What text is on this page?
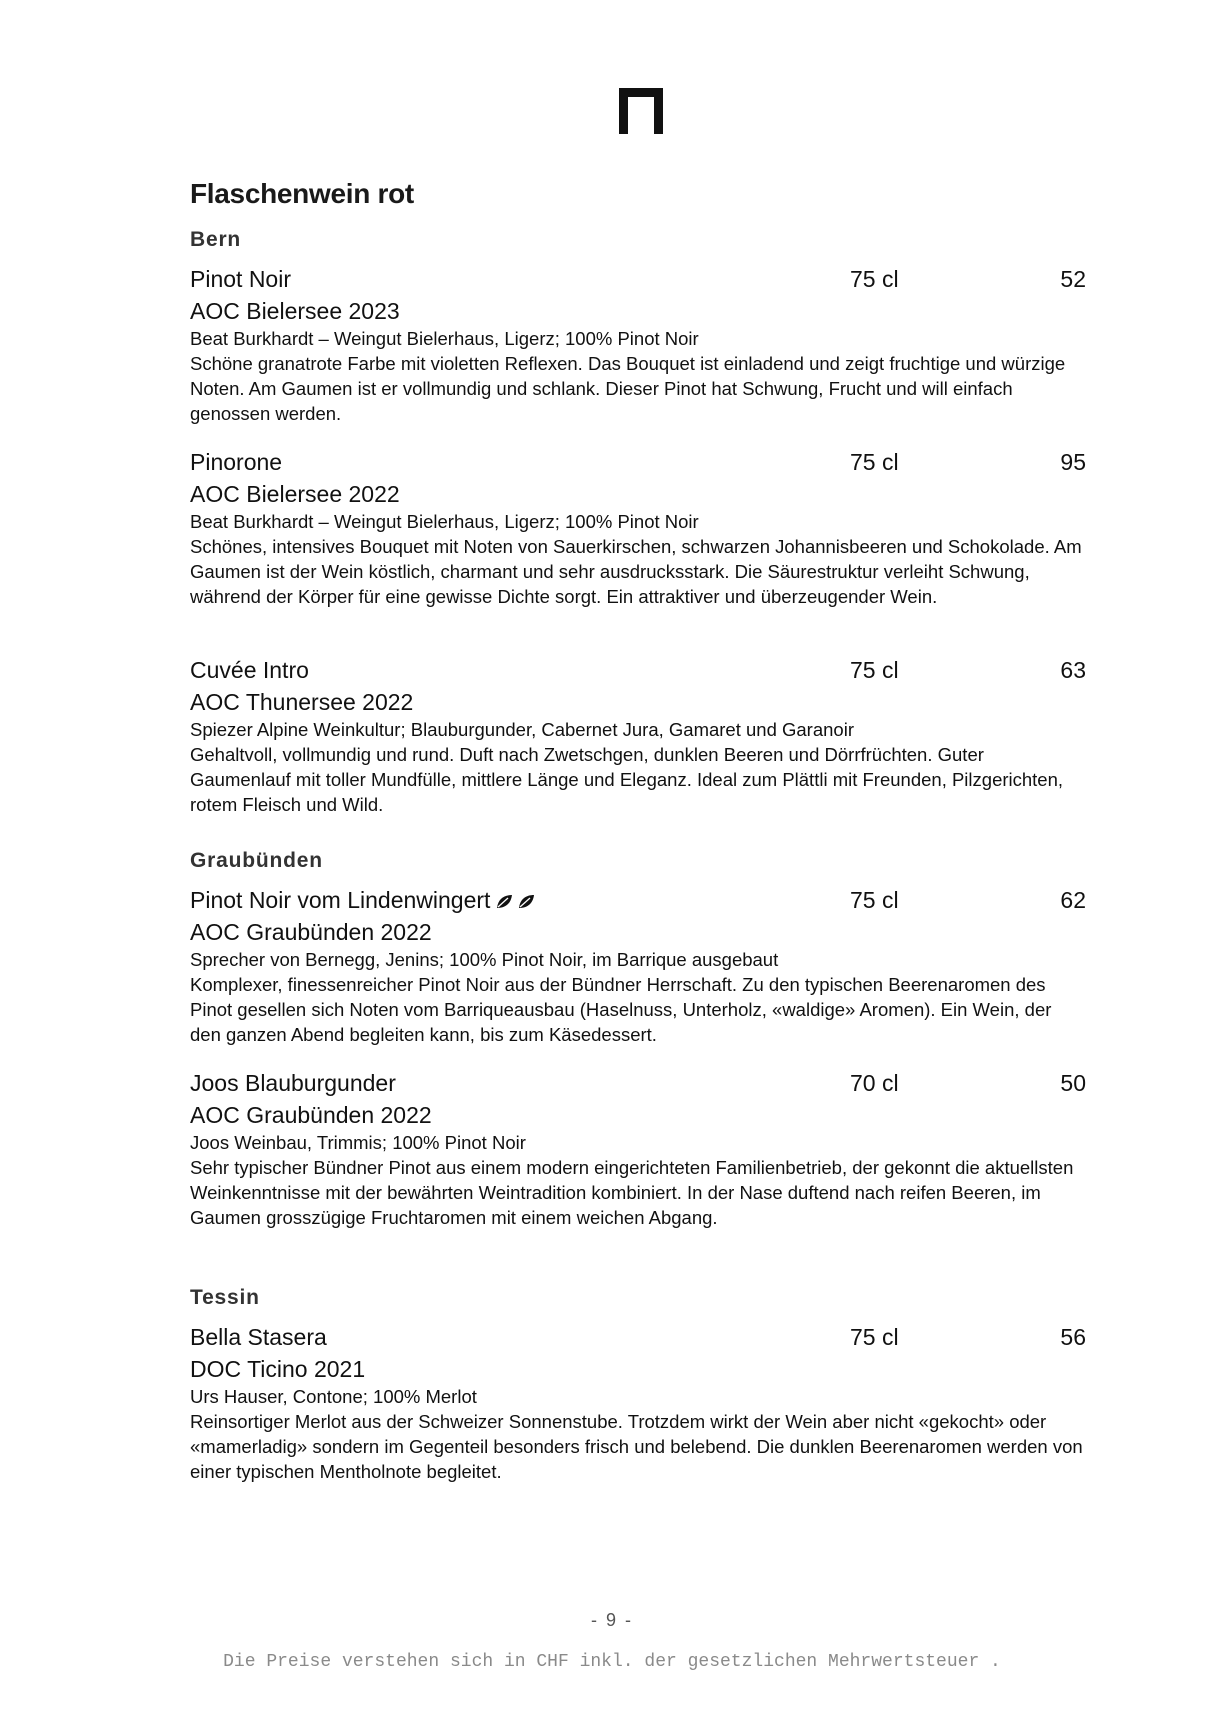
Flaschenwein rot
Bern
Pinot Noir	75 cl	52
AOC Bielersee 2023
Beat Burkhardt – Weingut Bielerhaus, Ligerz; 100% Pinot Noir
Schöne granatrote Farbe mit violetten Reflexen. Das Bouquet ist einladend und zeigt fruchtige und würzige Noten. Am Gaumen ist er vollmundig und schlank. Dieser Pinot hat Schwung, Frucht und will einfach genossen werden.
Pinorone	75 cl	95
AOC Bielersee 2022
Beat Burkhardt – Weingut Bielerhaus, Ligerz; 100% Pinot Noir
Schönes, intensives Bouquet mit Noten von Sauerkirschen, schwarzen Johannisbeeren und Schokolade. Am Gaumen ist der Wein köstlich, charmant und sehr ausdrucksstark. Die Säurestruktur verleiht Schwung, während der Körper für eine gewisse Dichte sorgt. Ein attraktiver und überzeugender Wein.
Cuvée Intro	75 cl	63
AOC Thunersee 2022
Spiezer Alpine Weinkultur; Blauburgunder, Cabernet Jura, Gamaret und Garanoir
Gehaltvoll, vollmundig und rund. Duft nach Zwetschgen, dunklen Beeren und Dörrfrüchten. Guter Gaumenlauf mit toller Mundfülle, mittlere Länge und Eleganz. Ideal zum Plättli mit Freunden, Pilzgerichten, rotem Fleisch und Wild.
Graubünden
Pinot Noir vom Lindenwingert	75 cl	62
AOC Graubünden 2022
Sprecher von Bernegg, Jenins; 100% Pinot Noir, im Barrique ausgebaut
Komplexer, finessenreicher Pinot Noir aus der Bündner Herrschaft. Zu den typischen Beerenaromen des Pinot gesellen sich Noten vom Barriqueausbau (Haselnuss, Unterholz, «waldige» Aromen). Ein Wein, der den ganzen Abend begleiten kann, bis zum Käsedessert.
Joos Blauburgunder	70 cl	50
AOC Graubünden 2022
Joos Weinbau, Trimmis; 100% Pinot Noir
Sehr typischer Bündner Pinot aus einem modern eingerichteten Familienbetrieb, der gekonnt die aktuellsten Weinkenntnisse mit der bewährten Weintradition kombiniert. In der Nase duftend nach reifen Beeren, im Gaumen grosszügige Fruchtaromen mit einem weichen Abgang.
Tessin
Bella Stasera	75 cl	56
DOC Ticino 2021
Urs Hauser, Contone; 100% Merlot
Reinsortiger Merlot aus der Schweizer Sonnenstube. Trotzdem wirkt der Wein aber nicht «gekocht» oder «mamerladig» sondern im Gegenteil besonders frisch und belebend. Die dunklen Beerenaromen werden von einer typischen Mentholnote begleitet.
- 9 -
Die Preise verstehen sich in CHF inkl. der gesetzlichen Mehrwertsteuer .
